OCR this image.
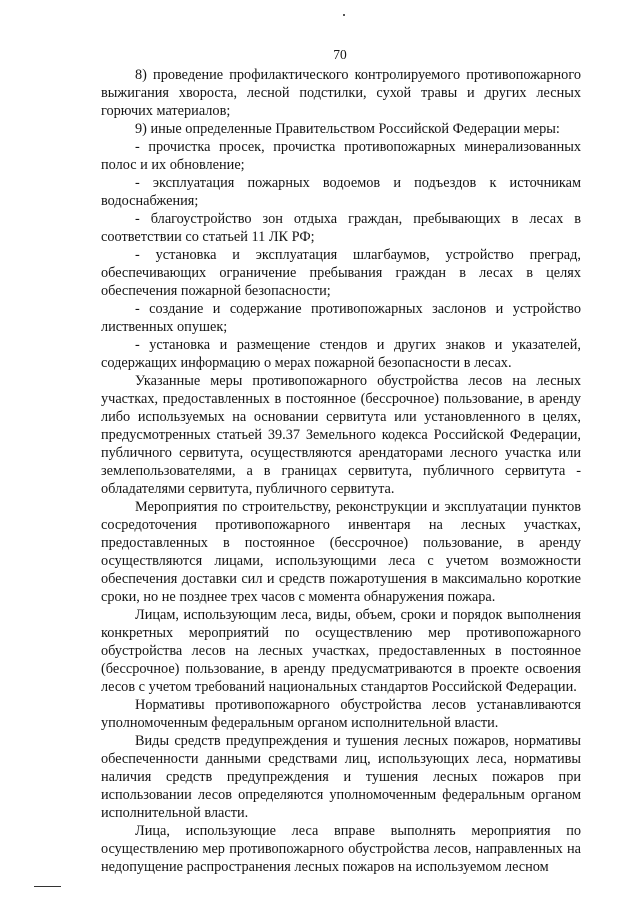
70

8) проведение профилактического контролируемого противопожарного выжигания хвороста, лесной подстилки, сухой травы и других лесных горючих материалов;

9) иные определенные Правительством Российской Федерации меры:

- прочистка просек, прочистка противопожарных минерализованных полос и их обновление;

- эксплуатация пожарных водоемов и подъездов к источникам водоснабжения;

- благоустройство зон отдыха граждан, пребывающих в лесах в соответствии со статьей 11 ЛК РФ;

- установка и эксплуатация шлагбаумов, устройство преград, обеспечивающих ограничение пребывания граждан в лесах в целях обеспечения пожарной безопасности;

- создание и содержание противопожарных заслонов и устройство лиственных опушек;

- установка и размещение стендов и других знаков и указателей, содержащих информацию о мерах пожарной безопасности в лесах.

Указанные меры противопожарного обустройства лесов на лесных участках, предоставленных в постоянное (бессрочное) пользование, в аренду либо используемых на основании сервитута или установленного в целях, предусмотренных статьей 39.37 Земельного кодекса Российской Федерации, публичного сервитута, осуществляются арендаторами лесного участка или землепользователями, а в границах сервитута, публичного сервитута - обладателями сервитута, публичного сервитута.

Мероприятия по строительству, реконструкции и эксплуатации пунктов сосредоточения противопожарного инвентаря на лесных участках, предоставленных в постоянное (бессрочное) пользование, в аренду осуществляются лицами, использующими леса с учетом возможности обеспечения доставки сил и средств пожаротушения в максимально короткие сроки, но не позднее трех часов с момента обнаружения пожара.

Лицам, использующим леса, виды, объем, сроки и порядок выполнения конкретных мероприятий по осуществлению мер противопожарного обустройства лесов на лесных участках, предоставленных в постоянное (бессрочное) пользование, в аренду предусматриваются в проекте освоения лесов с учетом требований национальных стандартов Российской Федерации.

Нормативы противопожарного обустройства лесов устанавливаются уполномоченным федеральным органом исполнительной власти.

Виды средств предупреждения и тушения лесных пожаров, нормативы обеспеченности данными средствами лиц, использующих леса, нормативы наличия средств предупреждения и тушения лесных пожаров при использовании лесов определяются уполномоченным федеральным органом исполнительной власти.

Лица, использующие леса вправе выполнять мероприятия по осуществлению мер противопожарного обустройства лесов, направленных на недопущение распространения лесных пожаров на используемом лесном
